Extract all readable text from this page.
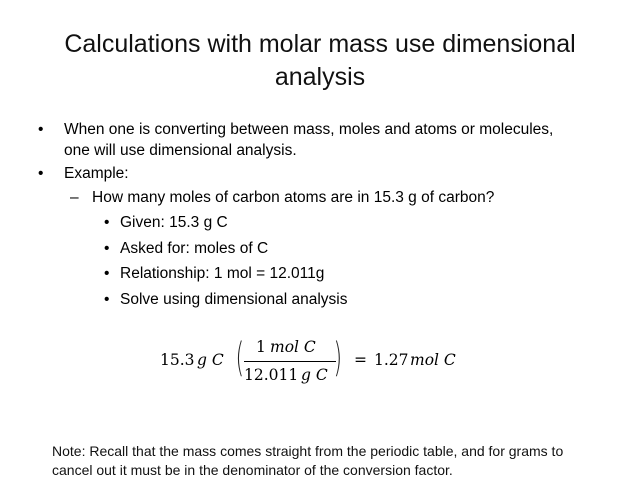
Calculations with molar mass use dimensional analysis
• When one is converting between mass, moles and atoms or molecules,
one will use dimensional analysis.
• Example:
– How many moles of carbon atoms are in 15.3 g of carbon?
• Given: 15.3 g C
• Asked for: moles of C
• Relationship: 1 mol = 12.011g
• Solve using dimensional analysis
15.3 g C ( 1 mol C
12.011 g C ) = 1.27 mol C
Note: Recall that the mass comes straight from the periodic table, and for grams to
cancel out it must be in the denominator of the conversion factor.
